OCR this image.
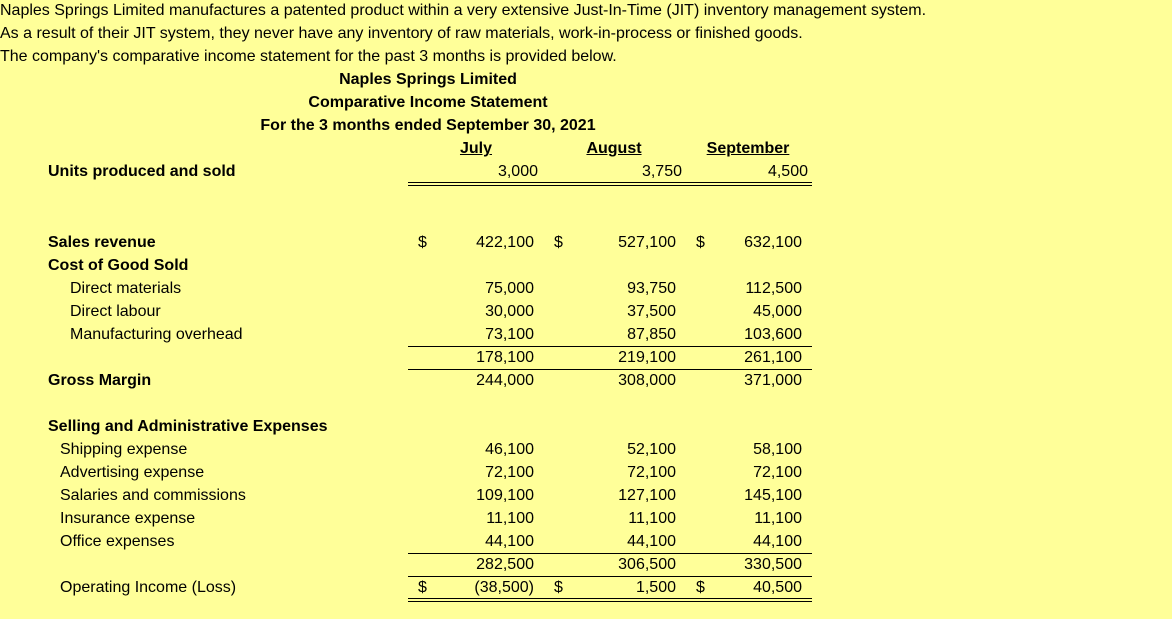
Naples Springs Limited manufactures a patented product within a very extensive Just-In-Time (JIT) inventory management system.
As a result of their JIT system, they never have any inventory of raw materials, work-in-process or finished goods.
The company's comparative income statement for the past 3 months is provided below.
Naples Springs Limited
Comparative Income Statement
For the 3 months ended September 30, 2021
July	August	September
Units produced and sold	3,000	3,750	4,500
Sales revenue	$	422,100 $	527,100 $	632,100
Cost of Good Sold
Direct materials	75,000	93,750	112,500
Direct labour	30,000	37,500	45,000
Manufacturing overhead	73,100	87,850	103,600
178,100	219,100	261,100
Gross Margin	244,000	308,000	371,000
Selling and Administrative Expenses
Shipping expense	46,100	52,100	58,100
Advertising expense	72,100	72,100	72,100
Salaries and commissions	109,100	127,100	145,100
Insurance expense	11,100	11,100	11,100
Office expenses	44,100	44,100	44,100
282,500	306,500	330,500
Operating Income (Loss)	$	(38,500) $	1,500 $	40,500
